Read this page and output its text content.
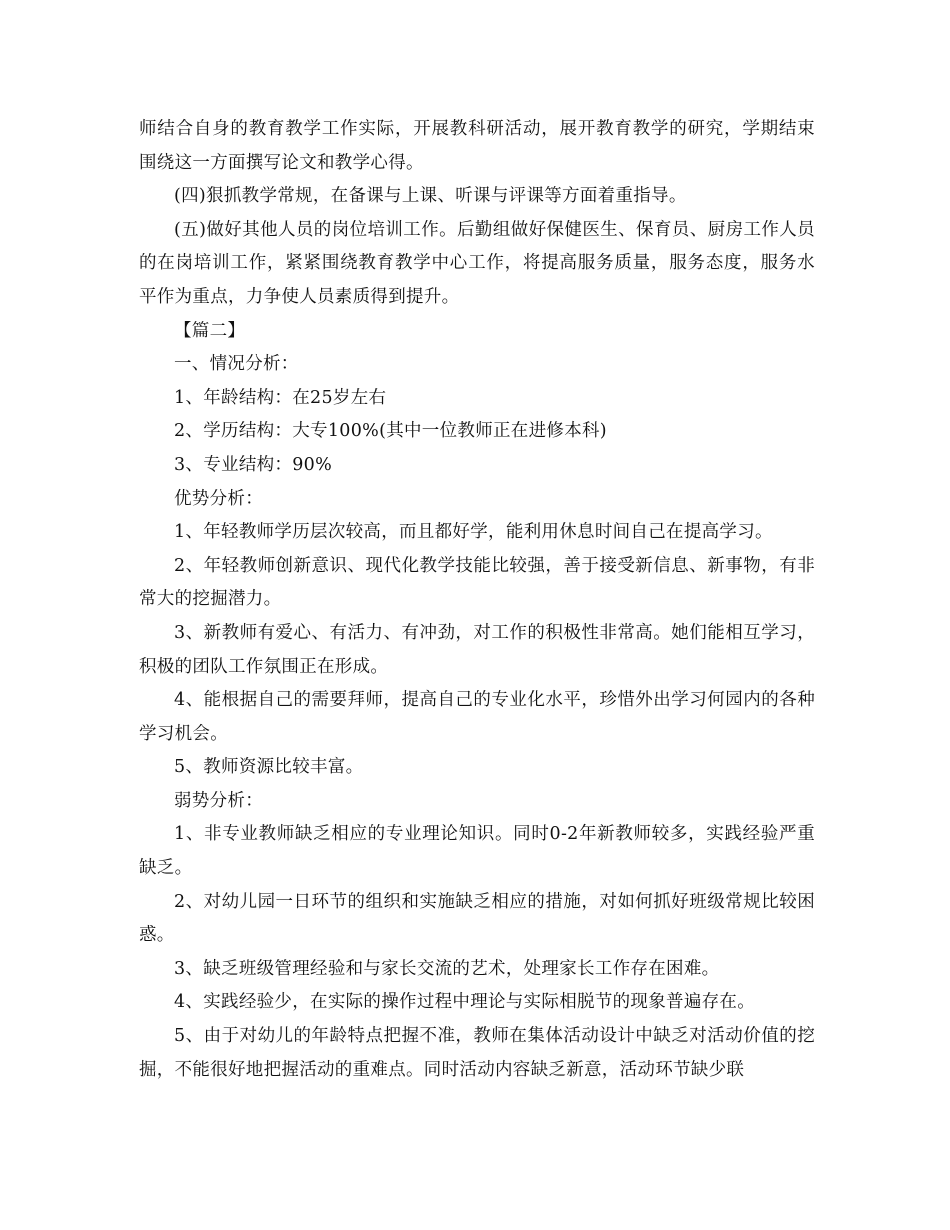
师结合自身的教育教学工作实际，开展教科研活动，展开教育教学的研究，学期结束围绕这一方面撰写论文和教学心得。

(四)狠抓教学常规，在备课与上课、听课与评课等方面着重指导。

(五)做好其他人员的岗位培训工作。后勤组做好保健医生、保育员、厨房工作人员的在岗培训工作，紧紧围绕教育教学中心工作，将提高服务质量，服务态度，服务水平作为重点，力争使人员素质得到提升。

【篇二】

一、情况分析：

1、年龄结构：在25岁左右

2、学历结构：大专100%(其中一位教师正在进修本科)

3、专业结构：90%

优势分析：

1、年轻教师学历层次较高，而且都好学，能利用休息时间自己在提高学习。

2、年轻教师创新意识、现代化教学技能比较强，善于接受新信息、新事物，有非常大的挖掘潜力。

3、新教师有爱心、有活力、有冲劲，对工作的积极性非常高。她们能相互学习，积极的团队工作氛围正在形成。

4、能根据自己的需要拜师，提高自己的专业化水平，珍惜外出学习何园内的各种学习机会。

5、教师资源比较丰富。

弱势分析：

1、非专业教师缺乏相应的专业理论知识。同时0-2年新教师较多，实践经验严重缺乏。

2、对幼儿园一日环节的组织和实施缺乏相应的措施，对如何抓好班级常规比较困惑。

3、缺乏班级管理经验和与家长交流的艺术，处理家长工作存在困难。

4、实践经验少，在实际的操作过程中理论与实际相脱节的现象普遍存在。

5、由于对幼儿的年龄特点把握不准，教师在集体活动设计中缺乏对活动价值的挖掘，不能很好地把握活动的重难点。同时活动内容缺乏新意，活动环节缺少联
